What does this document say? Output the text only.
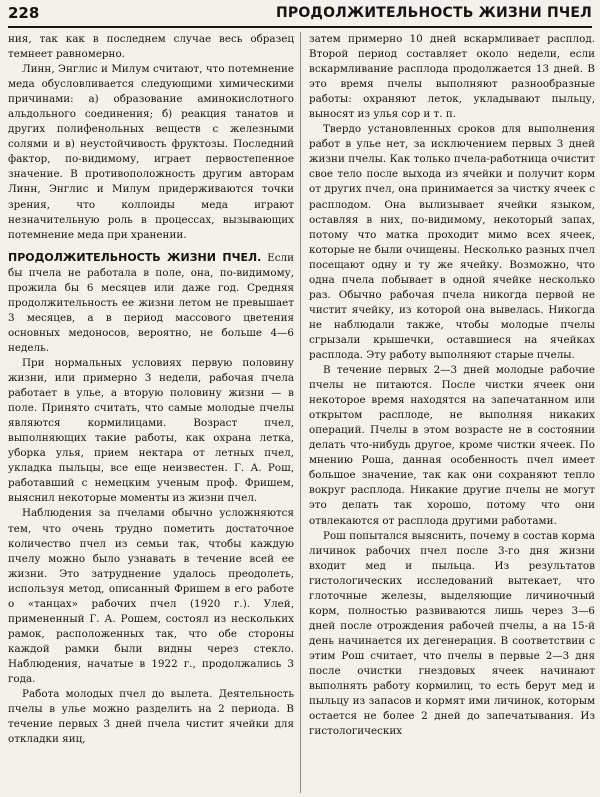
228	ПРОДОЛЖИТЕЛЬНОСТЬ ЖИЗНИ ПЧЕЛ

ния, так как в последнем случае весь образец темнеет равномерно.

Линн, Энглис и Милум считают, что потемнение меда обусловливается следующими химическими причинами: а) образование аминокислотного альдольного соединения; б) реакция танатов и других полифенольных веществ с железными солями и в) неустойчивость фруктозы. Последний фактор, по-видимому, играет первостепенное значение. В противоположность другим авторам Линн, Энглис и Милум придерживаются точки зрения, что коллоиды меда играют незначительную роль в процессах, вызывающих потемнение меда при хранении.

ПРОДОЛЖИТЕЛЬНОСТЬ ЖИЗНИ ПЧЕЛ. Если бы пчела не работала в поле, она, по-видимому, прожила бы 6 месяцев или даже год. Средняя продолжительность ее жизни летом не превышает 3 месяцев, а в период массового цветения основных медоносов, вероятно, не больше 4—6 недель.

При нормальных условиях первую половину жизни, или примерно 3 недели, рабочая пчела работает в улье, а вторую половину жизни — в поле. Принято считать, что самые молодые пчелы являются кормилицами. Возраст пчел, выполняющих такие работы, как охрана летка, уборка улья, прием нектара от летных пчел, укладка пыльцы, все еще неизвестен. Г. А. Рош, работавший с немецким ученым проф. Фришем, выяснил некоторые моменты из жизни пчел.

Наблюдения за пчелами обычно усложняются тем, что очень трудно пометить достаточное количество пчел из семьи так, чтобы каждую пчелу можно было узнавать в течение всей ее жизни. Это затруднение удалось преодолеть, используя метод, описанный Фришем в его работе о «танцах» рабочих пчел (1920 г.). Улей, примененный Г. А. Рошем, состоял из нескольких рамок, расположенных так, что обе стороны каждой рамки были видны через стекло. Наблюдения, начатые в 1922 г., продолжались 3 года.

Работа молодых пчел до вылета. Деятельность пчелы в улье можно разделить на 2 периода. В течение первых 3 дней пчела чистит ячейки для откладки яиц,

затем примерно 10 дней вскармливает расплод. Второй период составляет около недели, если вскармливание расплода продолжается 13 дней. В это время пчелы выполняют разнообразные работы: охраняют леток, укладывают пыльцу, выносят из улья сор и т. п.

Твердо установленных сроков для выполнения работ в улье нет, за исключением первых 3 дней жизни пчелы. Как только пчела-работница очистит свое тело после выхода из ячейки и получит корм от других пчел, она принимается за чистку ячеек с расплодом. Она вылизывает ячейки языком, оставляя в них, по-видимому, некоторый запах, потому что матка проходит мимо всех ячеек, которые не были очищены. Несколько разных пчел посещают одну и ту же ячейку. Возможно, что одна пчела побывает в одной ячейке несколько раз. Обычно рабочая пчела никогда первой не чистит ячейку, из которой она вывелась. Никогда не наблюдали также, чтобы молодые пчелы сгрызали крышечки, оставшиеся на ячейках расплода. Эту работу выполняют старые пчелы.

В течение первых 2—3 дней молодые рабочие пчелы не питаются. После чистки ячеек они некоторое время находятся на запечатанном или открытом расплоде, не выполняя никаких операций. Пчелы в этом возрасте не в состоянии делать что-нибудь другое, кроме чистки ячеек. По мнению Роша, данная особенность пчел имеет большое значение, так как они сохраняют тепло вокруг расплода. Никакие другие пчелы не могут это делать так хорошо, потому что они отвлекаются от расплода другими работами.

Рош попытался выяснить, почему в состав корма личинок рабочих пчел после 3-го дня жизни входит мед и пыльца. Из результатов гистологических исследований вытекает, что глоточные железы, выделяющие личиночный корм, полностью развиваются лишь через 3—6 дней после отрождения рабочей пчелы, а на 15-й день начинается их дегенерация. В соответствии с этим Рош считает, что пчелы в первые 2—3 дня после очистки гнездовых ячеек начинают выполнять работу кормилиц, то есть берут мед и пыльцу из запасов и кормят ими личинок, которым остается не более 2 дней до запечатывания. Из гистологических
